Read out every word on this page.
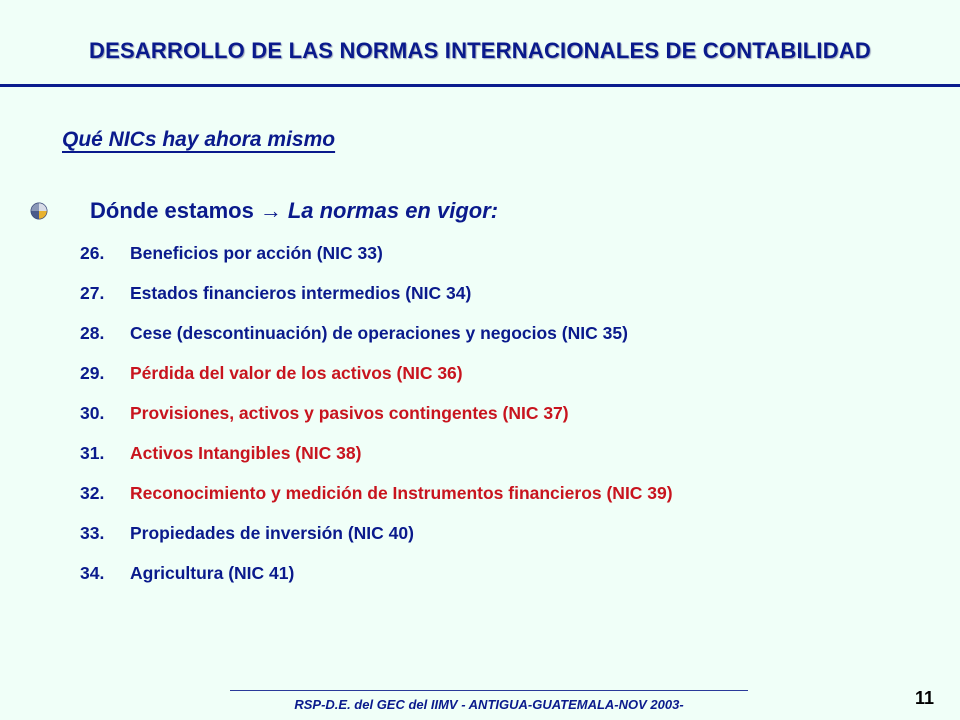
DESARROLLO DE LAS NORMAS INTERNACIONALES DE CONTABILIDAD
Qué NICs hay ahora mismo
Dónde estamos → La normas en vigor:
26.	Beneficios por acción (NIC 33)
27.	Estados financieros intermedios (NIC 34)
28.	Cese (descontinuación) de operaciones y negocios (NIC 35)
29.	Pérdida del valor de los activos (NIC 36)
30.	Provisiones, activos y pasivos contingentes (NIC 37)
31.	Activos Intangibles (NIC 38)
32.	Reconocimiento y medición de Instrumentos financieros (NIC 39)
33.	Propiedades de inversión (NIC 40)
34.	Agricultura (NIC 41)
RSP-D.E. del GEC del IIMV - ANTIGUA-GUATEMALA-NOV 2003-	11
